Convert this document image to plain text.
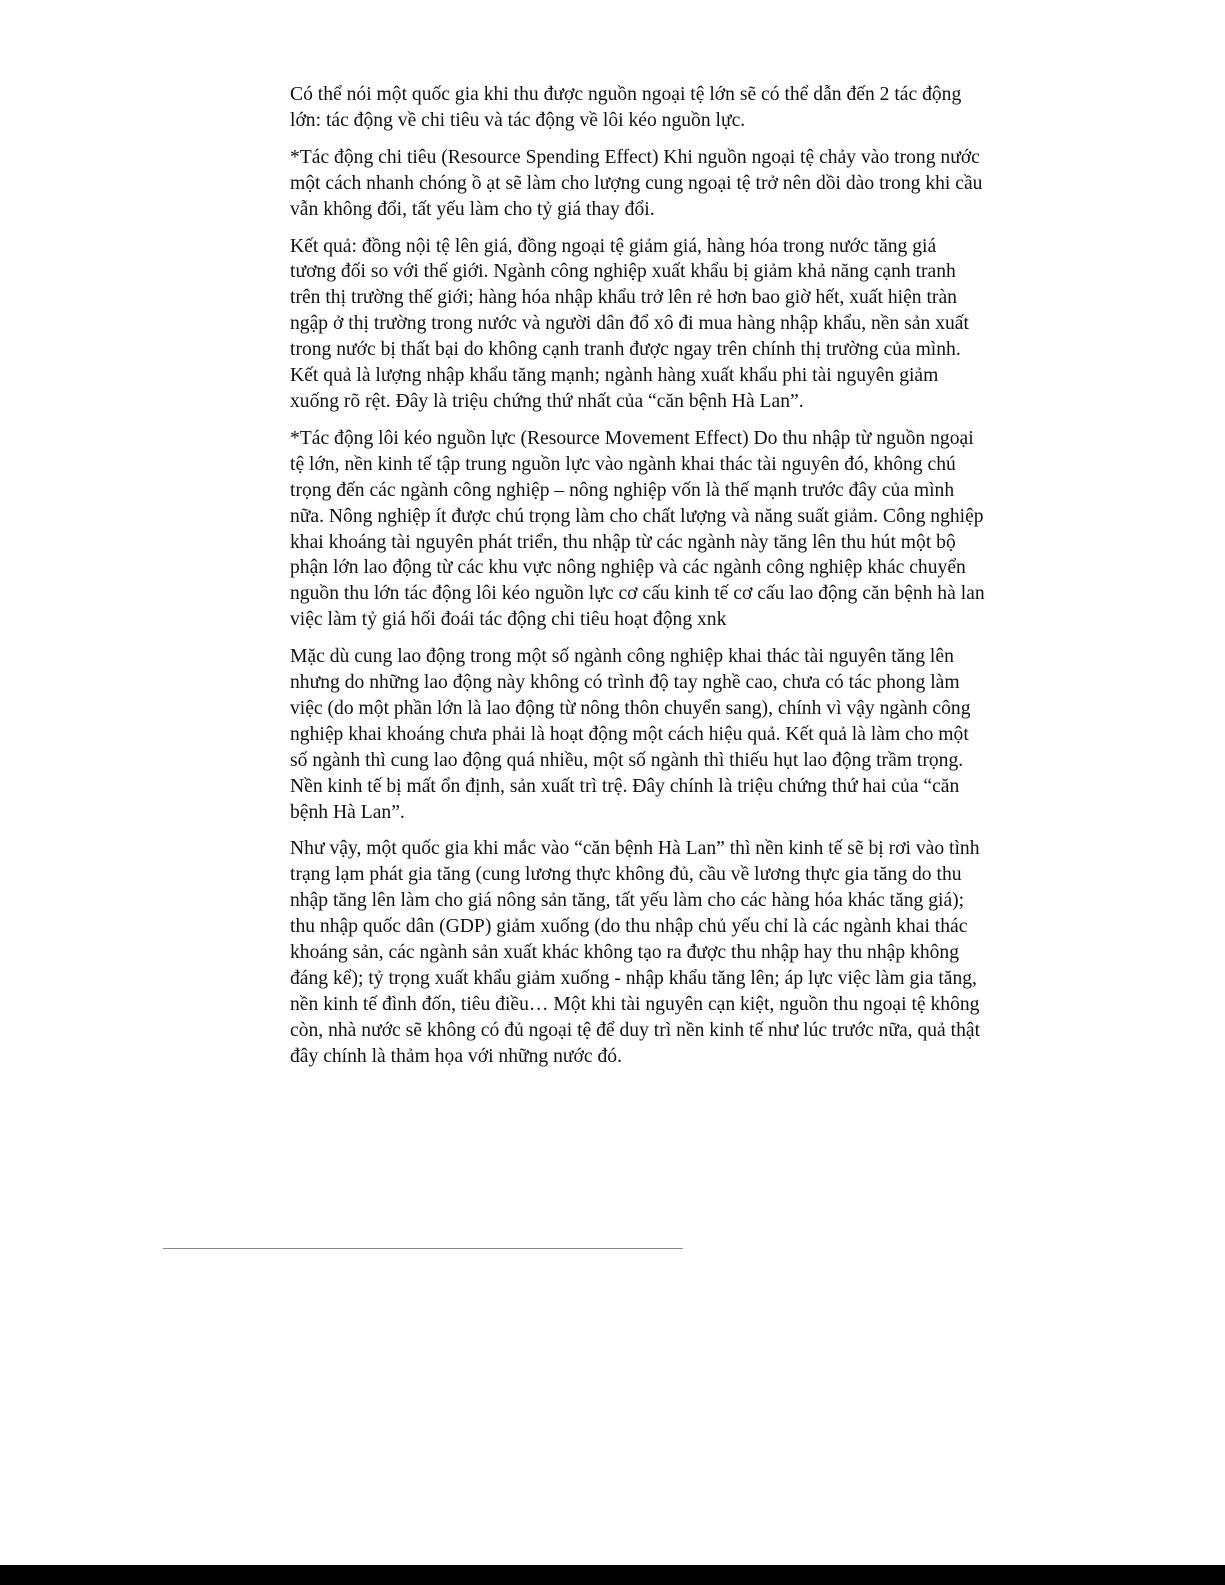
Có thể nói một quốc gia khi thu được nguồn ngoại tệ lớn sẽ có thể dẫn đến 2 tác động lớn: tác động về chi tiêu và tác động về lôi kéo nguồn lực.

*Tác động chi tiêu (Resource Spending Effect) Khi nguồn ngoại tệ chảy vào trong nước một cách nhanh chóng ồ ạt sẽ làm cho lượng cung ngoại tệ trở nên dồi dào trong khi cầu vẫn không đổi, tất yếu làm cho tỷ giá thay đổi.

Kết quả: đồng nội tệ lên giá, đồng ngoại tệ giảm giá, hàng hóa trong nước tăng giá tương đối so với thế giới. Ngành công nghiệp xuất khẩu bị giảm khả năng cạnh tranh trên thị trường thế giới; hàng hóa nhập khẩu trở lên rẻ hơn bao giờ hết, xuất hiện tràn ngập ở thị trường trong nước và người dân đổ xô đi mua hàng nhập khẩu, nền sản xuất trong nước bị thất bại do không cạnh tranh được ngay trên chính thị trường của mình. Kết quả là lượng nhập khẩu tăng mạnh; ngành hàng xuất khẩu phi tài nguyên giảm xuống rõ rệt. Đây là triệu chứng thứ nhất của “căn bệnh Hà Lan”.

*Tác động lôi kéo nguồn lực (Resource Movement Effect) Do thu nhập từ nguồn ngoại tệ lớn, nền kinh tế tập trung nguồn lực vào ngành khai thác tài nguyên đó, không chú trọng đến các ngành công nghiệp – nông nghiệp vốn là thế mạnh trước đây của mình nữa. Nông nghiệp ít được chú trọng làm cho chất lượng và năng suất giảm. Công nghiệp khai khoáng tài nguyên phát triển, thu nhập từ các ngành này tăng lên thu hút một bộ phận lớn lao động từ các khu vực nông nghiệp và các ngành công nghiệp khác chuyển nguồn thu lớn tác động lôi kéo nguồn lực cơ cấu kinh tế cơ cấu lao động căn bệnh hà lan việc làm tỷ giá hối đoái tác động chi tiêu hoạt động xnk

Mặc dù cung lao động trong một số ngành công nghiệp khai thác tài nguyên tăng lên nhưng do những lao động này không có trình độ tay nghề cao, chưa có tác phong làm việc (do một phần lớn là lao động từ nông thôn chuyển sang), chính vì vậy ngành công nghiệp khai khoáng chưa phải là hoạt động một cách hiệu quả. Kết quả là làm cho một số ngành thì cung lao động quá nhiều, một số ngành thì thiếu hụt lao động trầm trọng. Nền kinh tế bị mất ổn định, sản xuất trì trệ. Đây chính là triệu chứng thứ hai của “căn bệnh Hà Lan”.

Như vậy, một quốc gia khi mắc vào “căn bệnh Hà Lan” thì nền kinh tế sẽ bị rơi vào tình trạng lạm phát gia tăng (cung lương thực không đủ, cầu về lương thực gia tăng do thu nhập tăng lên làm cho giá nông sản tăng, tất yếu làm cho các hàng hóa khác tăng giá); thu nhập quốc dân (GDP) giảm xuống (do thu nhập chủ yếu chỉ là các ngành khai thác khoáng sản, các ngành sản xuất khác không tạo ra được thu nhập hay thu nhập không đáng kể); tỷ trọng xuất khẩu giảm xuống - nhập khẩu tăng lên; áp lực việc làm gia tăng, nền kinh tế đình đốn, tiêu điều… Một khi tài nguyên cạn kiệt, nguồn thu ngoại tệ không còn, nhà nước sẽ không có đủ ngoại tệ để duy trì nền kinh tế như lúc trước nữa, quả thật đây chính là thảm họa với những nước đó.
